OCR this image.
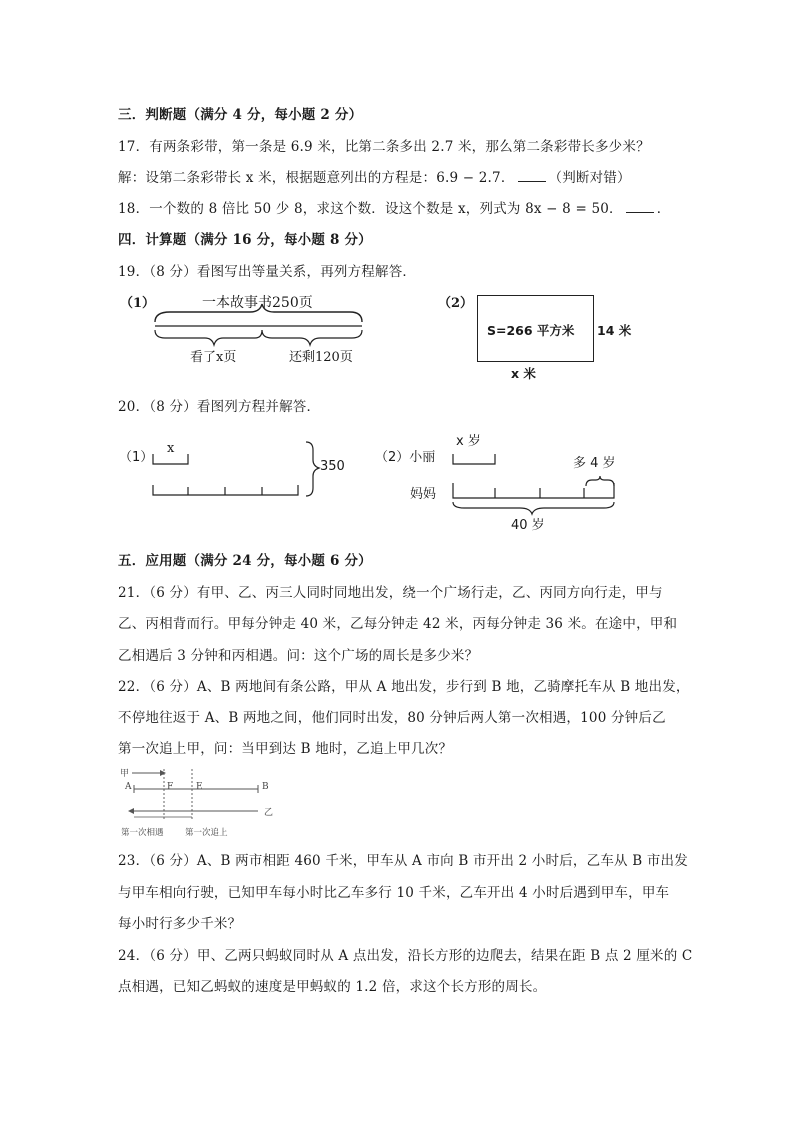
三．判断题（满分 4 分，每小题 2 分）
17．有两条彩带，第一条是 6.9 米，比第二条多出 2.7 米，那么第二条彩带长多少米？
解：设第二条彩带长 x 米，根据题意列出的方程是：6.9 − 2.7．	（判断对错）
18．一个数的 8 倍比 50 少 8，求这个数．设这个数是 x，列式为 8x − 8 = 50．	．
四．计算题（满分 16 分，每小题 8 分）
19．（8 分）看图写出等量关系，再列方程解答．
（1）	一本故事书250页
看了x页	还剩120页
（2）
S=266 平方米 14 米
x 米
20．（8 分）看图列方程并解答．
（1）
x
350
（2）小丽
妈妈
x 岁
多 4 岁
40 岁
五．应用题（满分 24 分，每小题 6 分）
21．（6 分）有甲、乙、丙三人同时同地出发，绕一个广场行走，乙、丙同方向行走，甲与
乙、丙相背而行。甲每分钟走 40 米，乙每分钟走 42 米，丙每分钟走 36 米。在途中，甲和
乙相遇后 3 分钟和丙相遇。问：这个广场的周长是多少米？
22．（6 分）A、B 两地间有条公路，甲从 A 地出发，步行到 B 地，乙骑摩托车从 B 地出发，
不停地往返于 A、B 两地之间，他们同时出发，80 分钟后两人第一次相遇，100 分钟后乙
第一次追上甲，问：当甲到达 B 地时，乙追上甲几次？
甲
A	F	E	B
乙
第一次相遇	第一次追上
23．（6 分）A、B 两市相距 460 千米，甲车从 A 市向 B 市开出 2 小时后，乙车从 B 市出发
与甲车相向行驶，已知甲车每小时比乙车多行 10 千米，乙车开出 4 小时后遇到甲车，甲车
每小时行多少千米？
24．（6 分）甲、乙两只蚂蚁同时从 A 点出发，沿长方形的边爬去，结果在距 B 点 2 厘米的 C
点相遇，已知乙蚂蚁的速度是甲蚂蚁的 1.2 倍，求这个长方形的周长。
